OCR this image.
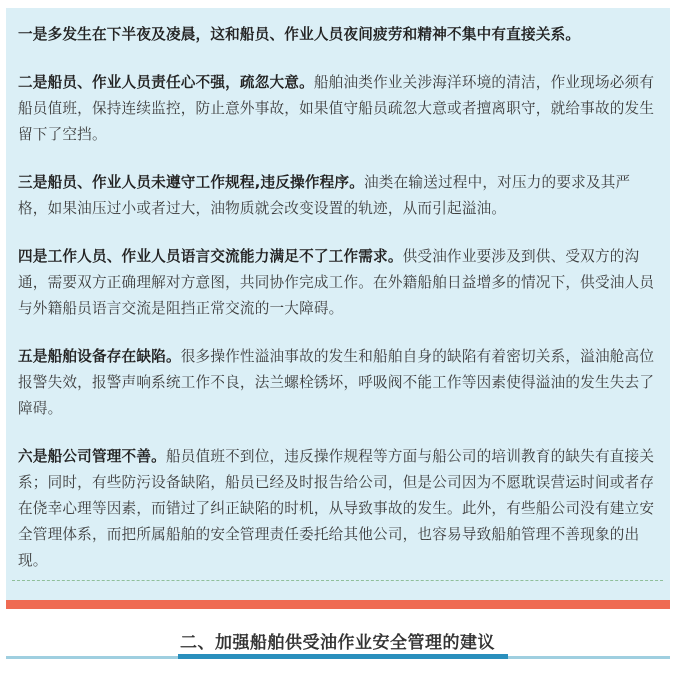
一是多发生在下半夜及凌晨，这和船员、作业人员夜间疲劳和精神不集中有直接关系。

二是船员、作业人员责任心不强，疏忽大意。船舶油类作业关涉海洋环境的清洁，作业现场必须有船员值班，保持连续监控，防止意外事故，如果值守船员疏忽大意或者擅离职守，就给事故的发生留下了空挡。

三是船员、作业人员未遵守工作规程,违反操作程序。油类在输送过程中，对压力的要求及其严格，如果油压过小或者过大，油物质就会改变设置的轨迹，从而引起溢油。

四是工作人员、作业人员语言交流能力满足不了工作需求。供受油作业要涉及到供、受双方的沟通，需要双方正确理解对方意图，共同协作完成工作。在外籍船舶日益增多的情况下，供受油人员与外籍船员语言交流是阻挡正常交流的一大障碍。

五是船舶设备存在缺陷。很多操作性溢油事故的发生和船舶自身的缺陷有着密切关系，溢油舱高位报警失效，报警声响系统工作不良，法兰螺栓锈坏，呼吸阀不能工作等因素使得溢油的发生失去了障碍。

六是船公司管理不善。船员值班不到位，违反操作规程等方面与船公司的培训教育的缺失有直接关系；同时，有些防污设备缺陷，船员已经及时报告给公司，但是公司因为不愿耽误营运时间或者存在侥幸心理等因素，而错过了纠正缺陷的时机，从导致事故的发生。此外，有些船公司没有建立安全管理体系，而把所属船舶的安全管理责任委托给其他公司，也容易导致船舶管理不善现象的出现。

二、加强船舶供受油作业安全管理的建议
